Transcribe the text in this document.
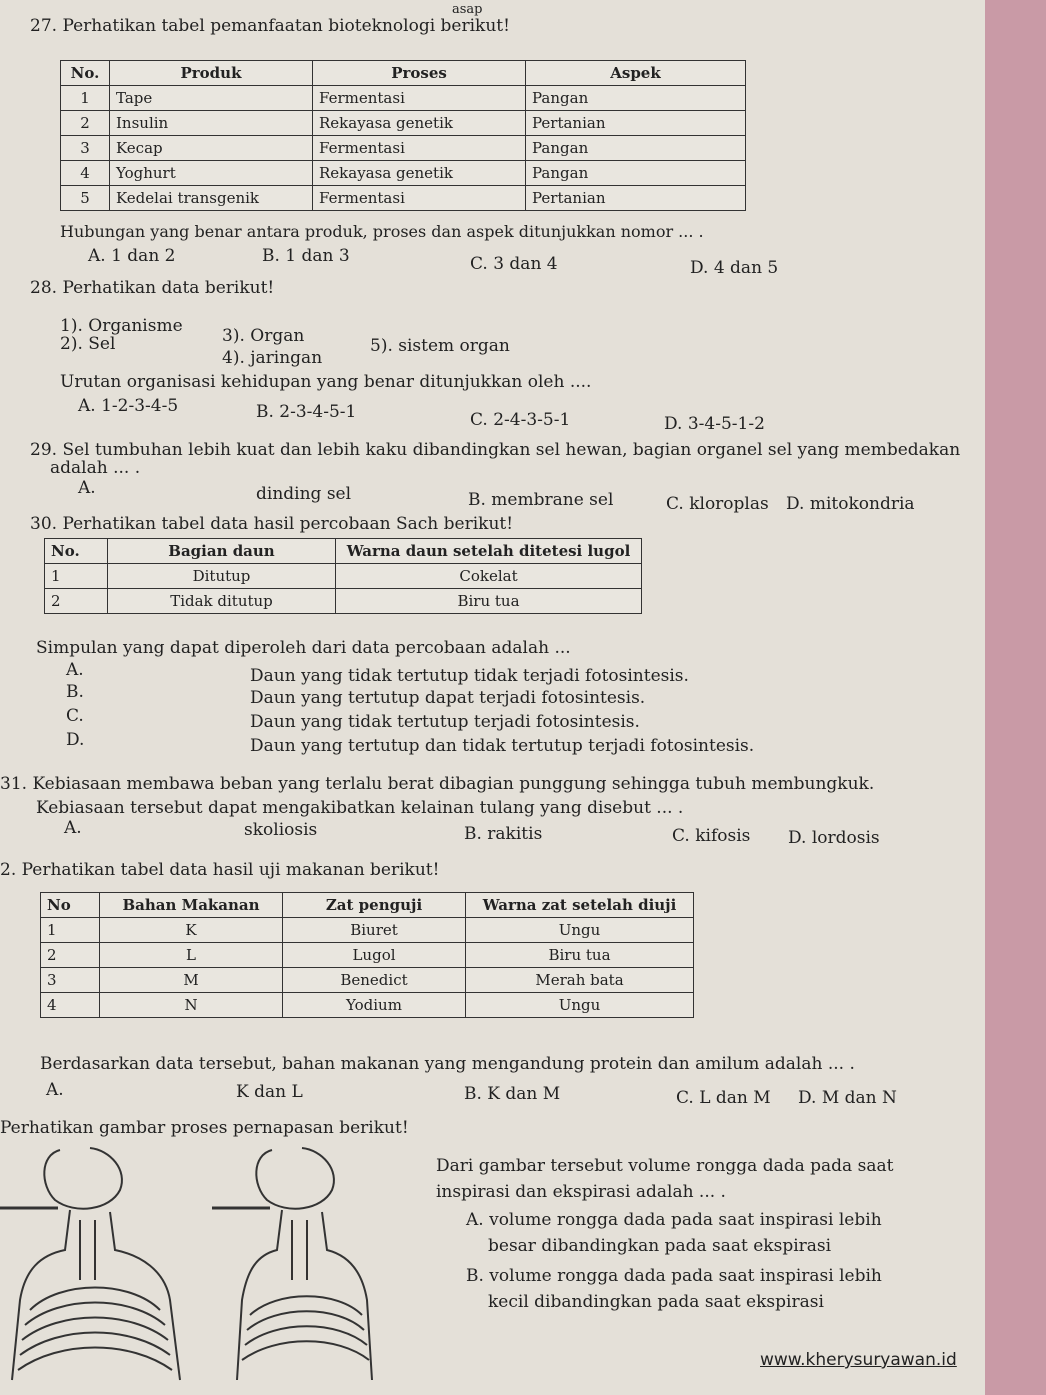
asap
27. Perhatikan tabel pemanfaatan bioteknologi berikut!
No.	Produk	Proses	Aspek
1	Tape	Fermentasi	Pangan
2	Insulin	Rekayasa genetik	Pertanian
3	Kecap	Fermentasi	Pangan
4	Yoghurt	Rekayasa genetik	Pangan
5	Kedelai transgenik	Fermentasi	Pertanian
Hubungan yang benar antara produk, proses dan aspek ditunjukkan nomor ... .
A. 1 dan 2	B. 1 dan 3	C. 3 dan 4	D. 4 dan 5
28. Perhatikan data berikut!
1). Organisme
2). Sel	3). Organ
4). jaringan
5). sistem organ
Urutan organisasi kehidupan yang benar ditunjukkan oleh ....
A. 1-2-3-4-5	B. 2-3-4-5-1	C. 2-4-3-5-1	D. 3-4-5-1-2
29. Sel tumbuhan lebih kuat dan lebih kaku dibandingkan sel hewan, bagian organel sel yang membedakan
adalah ... .
A.	dinding sel	B. membrane sel	C. kloroplas D. mitokondria
30. Perhatikan tabel data hasil percobaan Sach berikut!
No.	Bagian daun	Warna daun setelah ditetesi lugol
1	Ditutup	Cokelat
2	Tidak ditutup	Biru tua
Simpulan yang dapat diperoleh dari data percobaan adalah ...
A.	Daun yang tidak tertutup tidak terjadi fotosintesis.
B.	Daun yang tertutup dapat terjadi fotosintesis.
C.	Daun yang tidak tertutup terjadi fotosintesis.
D.	Daun yang tertutup dan tidak tertutup terjadi fotosintesis.
31. Kebiasaan membawa beban yang terlalu berat dibagian punggung sehingga tubuh membungkuk.
Kebiasaan tersebut dapat mengakibatkan kelainan tulang yang disebut ... .
A.	skoliosis	B. rakitis	C. kifosis D. lordosis
2. Perhatikan tabel data hasil uji makanan berikut!
No	Bahan Makanan	Zat penguji	Warna zat setelah diuji
1	K	Biuret	Ungu
2	L	Lugol	Biru tua
3	M	Benedict	Merah bata
4	N	Yodium	Ungu
Berdasarkan data tersebut, bahan makanan yang mengandung protein dan amilum adalah ... .
A.	K dan L	B. K dan M	C. L dan M D. M dan N
Perhatikan gambar proses pernapasan berikut!
Dari gambar tersebut volume rongga dada pada saat
inspirasi dan ekspirasi adalah ... .
A. volume rongga dada pada saat inspirasi lebih
besar dibandingkan pada saat ekspirasi
B. volume rongga dada pada saat inspirasi lebih
kecil dibandingkan pada saat ekspirasi
www.kherysuryawan.id
